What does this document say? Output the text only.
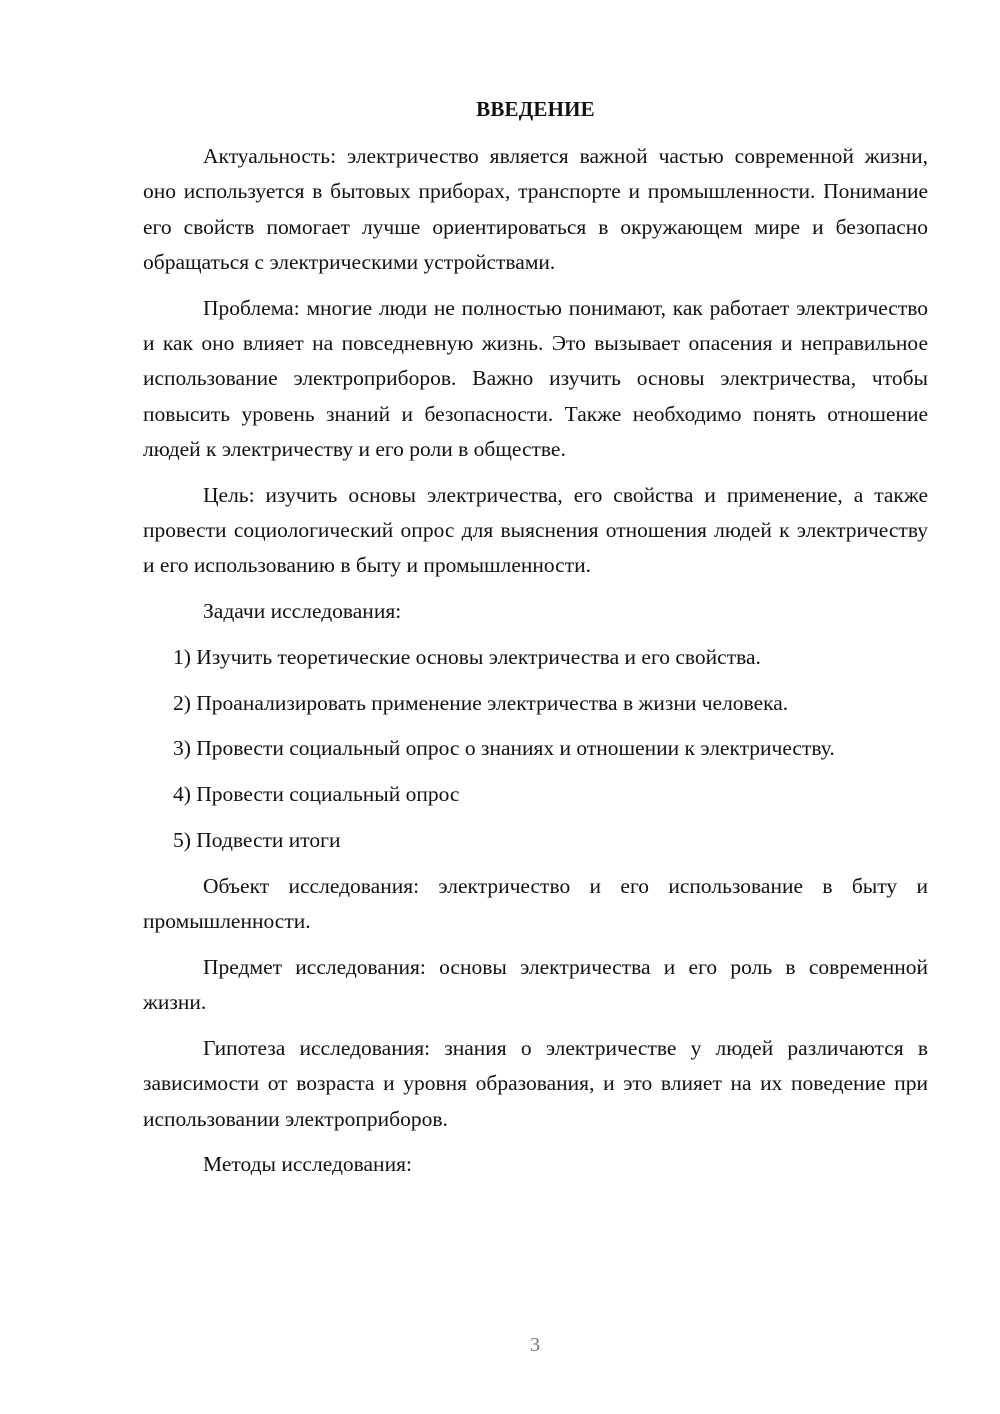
ВВЕДЕНИЕ

Актуальность: электричество является важной частью современной жизни, оно используется в бытовых приборах, транспорте и промышленности. Понимание его свойств помогает лучше ориентироваться в окружающем мире и безопасно обращаться с электрическими устройствами.

Проблема: многие люди не полностью понимают, как работает электричество и как оно влияет на повседневную жизнь. Это вызывает опасения и неправильное использование электроприборов. Важно изучить основы электричества, чтобы повысить уровень знаний и безопасности. Также необходимо понять отношение людей к электричеству и его роли в обществе.

Цель: изучить основы электричества, его свойства и применение, а также провести социологический опрос для выяснения отношения людей к электричеству и его использованию в быту и промышленности.

Задачи исследования:

1) Изучить теоретические основы электричества и его свойства.

2) Проанализировать применение электричества в жизни человека.

3) Провести социальный опрос о знаниях и отношении к электричеству.

4) Провести социальный опрос

5) Подвести итоги

Объект исследования: электричество и его использование в быту и промышленности.

Предмет исследования: основы электричества и его роль в современной жизни.

Гипотеза исследования: знания о электричестве у людей различаются в зависимости от возраста и уровня образования, и это влияет на их поведение при использовании электроприборов.

Методы исследования:

3
